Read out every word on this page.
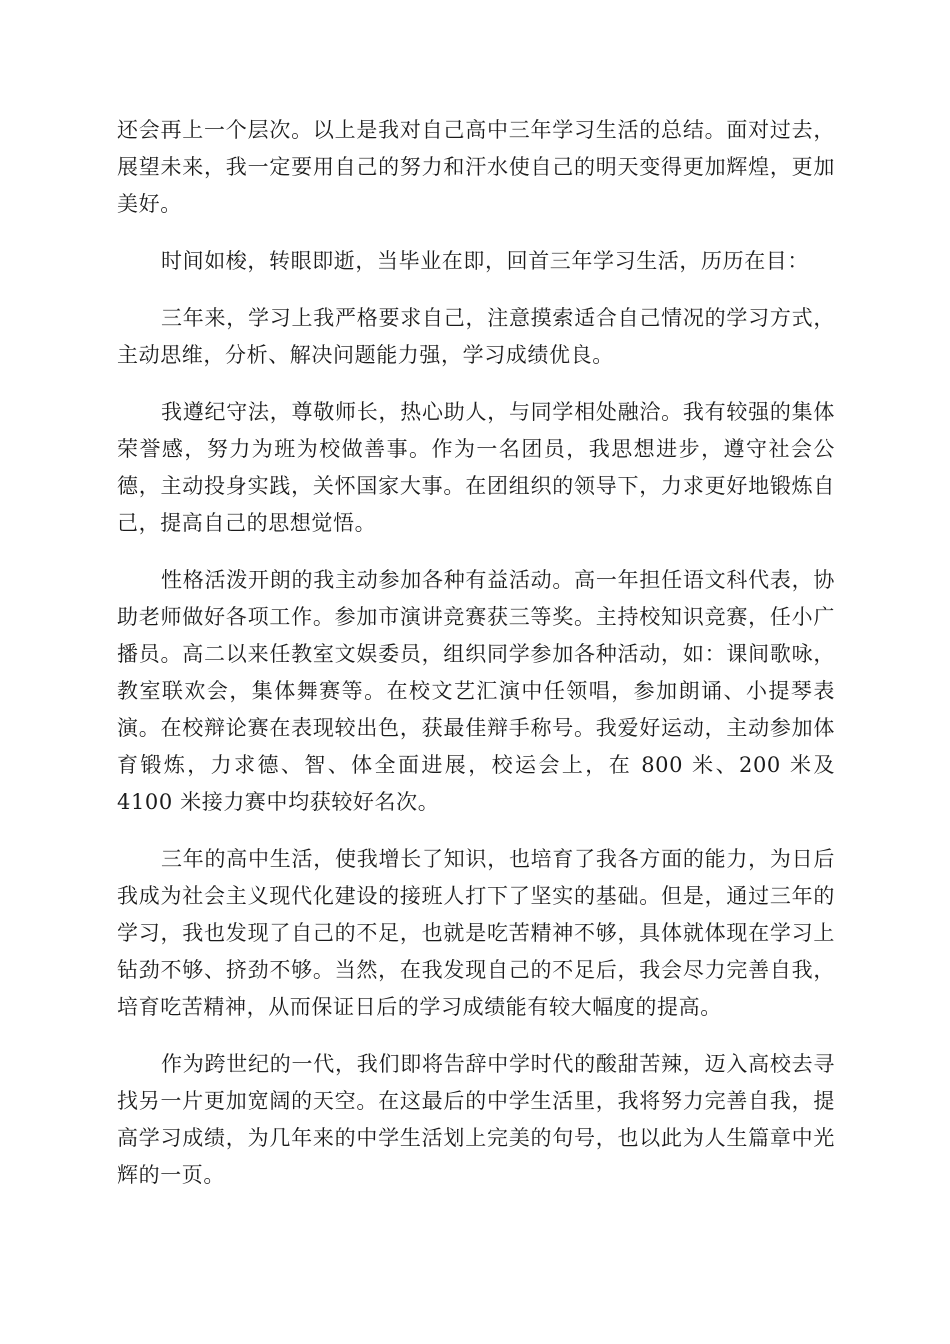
还会再上一个层次。以上是我对自己高中三年学习生活的总结。面对过去，展望未来，我一定要用自己的努力和汗水使自己的明天变得更加辉煌，更加美好。

时间如梭，转眼即逝，当毕业在即，回首三年学习生活，历历在目：

三年来，学习上我严格要求自己，注意摸索适合自己情况的学习方式，主动思维，分析、解决问题能力强，学习成绩优良。

我遵纪守法，尊敬师长，热心助人，与同学相处融洽。我有较强的集体荣誉感，努力为班为校做善事。作为一名团员，我思想进步，遵守社会公德，主动投身实践，关怀国家大事。在团组织的领导下，力求更好地锻炼自己，提高自己的思想觉悟。

性格活泼开朗的我主动参加各种有益活动。高一年担任语文科代表，协助老师做好各项工作。参加市演讲竞赛获三等奖。主持校知识竞赛，任小广播员。高二以来任教室文娱委员，组织同学参加各种活动，如：课间歌咏，教室联欢会，集体舞赛等。在校文艺汇演中任领唱，参加朗诵、小提琴表演。在校辩论赛在表现较出色，获最佳辩手称号。我爱好运动，主动参加体育锻炼，力求德、智、体全面进展，校运会上，在 800 米、200 米及 4100 米接力赛中均获较好名次。

三年的高中生活，使我增长了知识，也培育了我各方面的能力，为日后我成为社会主义现代化建设的接班人打下了坚实的基础。但是，通过三年的学习，我也发现了自己的不足，也就是吃苦精神不够，具体就体现在学习上钻劲不够、挤劲不够。当然，在我发现自己的不足后，我会尽力完善自我，培育吃苦精神，从而保证日后的学习成绩能有较大幅度的提高。

作为跨世纪的一代，我们即将告辞中学时代的酸甜苦辣，迈入高校去寻找另一片更加宽阔的天空。在这最后的中学生活里，我将努力完善自我，提高学习成绩，为几年来的中学生活划上完美的句号，也以此为人生篇章中光辉的一页。
